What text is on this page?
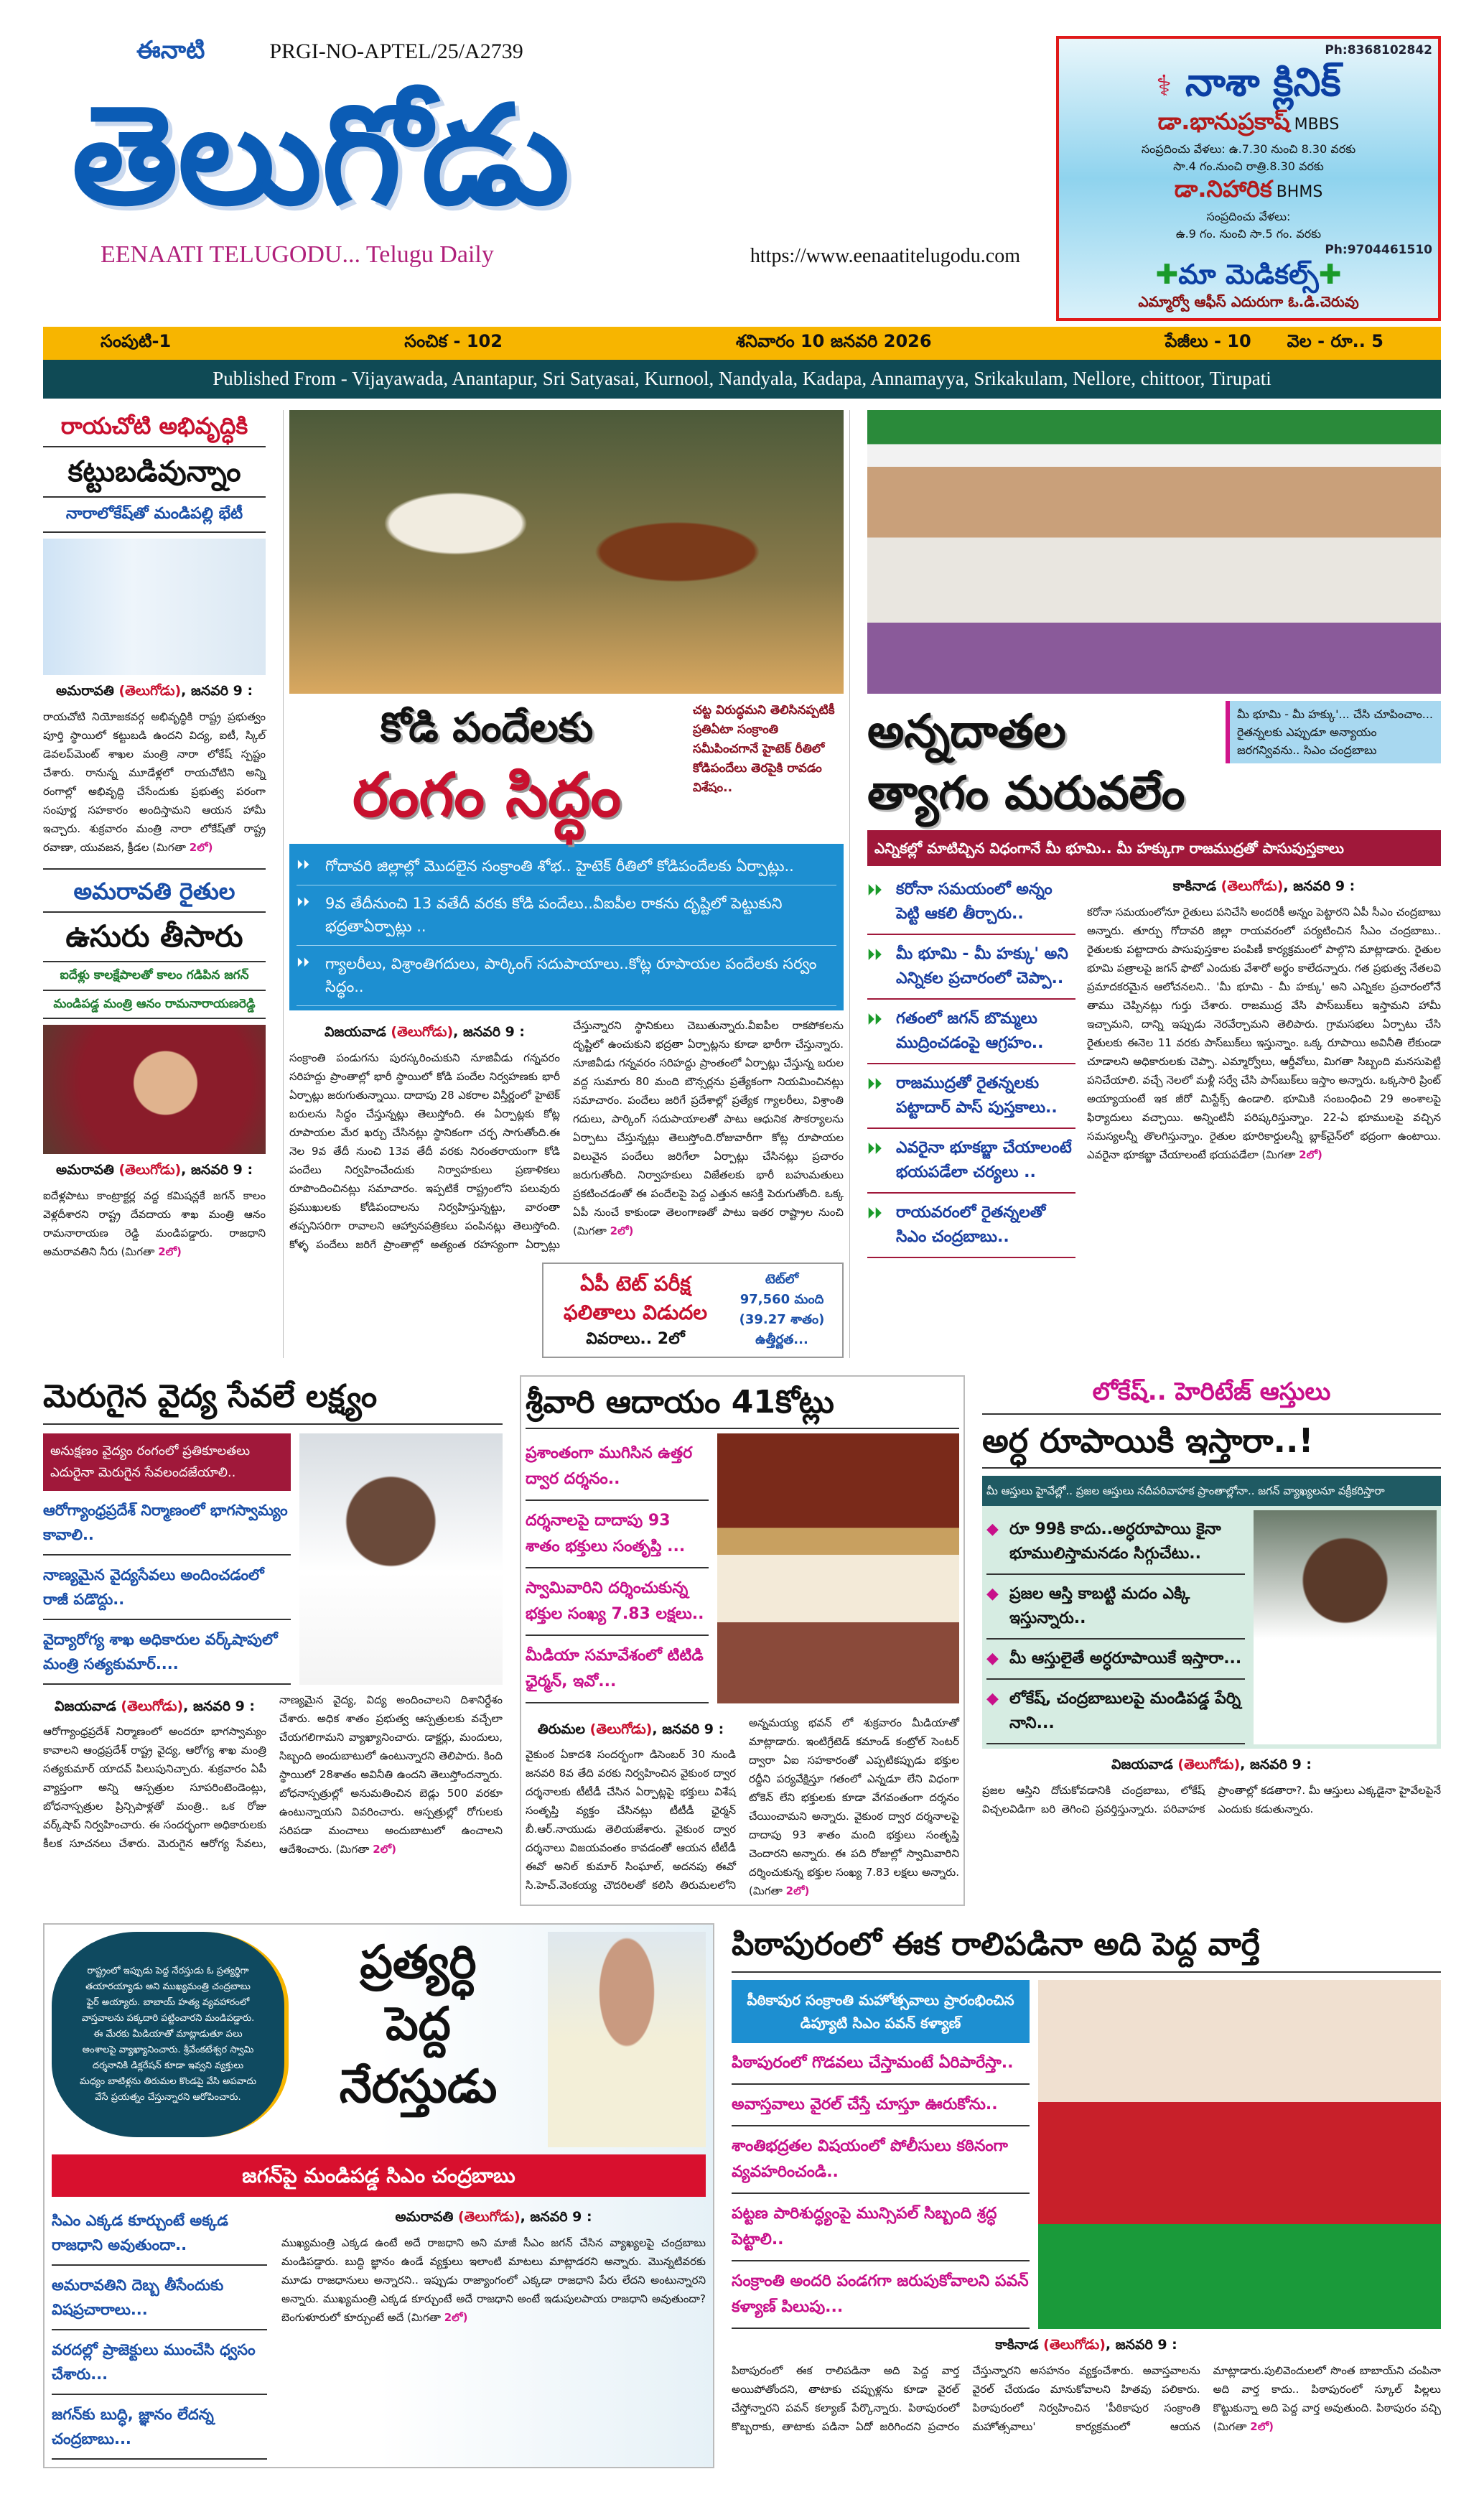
ఈనాటి	PRGI-NO-APTEL/25/A2739
తెలుగోడు
EENAATI TELUGODU... Telugu Daily	https://www.eenaatitelugodu.com
Ph:8368102842
⚕ నాశా క్లినిక్
డా.భానుప్రకాష్ MBBS
సంప్రదించు వేళలు: ఉ.7.30 నుంచి 8.30 వరకు
సా.4 గం.నుంచి రాత్రి.8.30 వరకు
డా.నిహారిక BHMS
సంప్రదించు వేళలు:
ఉ.9 గం. నుంచి సా.5 గం. వరకు
Ph:9704461510
✚మా మెడికల్స్✚
ఎమ్మార్వో ఆఫీస్ ఎదురుగా ఓ.డి.చెరువు
సంపుటి-1	సంచిక - 102	శనివారం 10 జనవరి 2026	పేజీలు - 10 వెల - రూ.. 5
Published From - Vijayawada, Anantapur, Sri Satyasai, Kurnool, Nandyala, Kadapa, Annamayya, Srikakulam, Nellore, chittoor, Tirupati
రాయచోటి అభివృద్ధికి
కట్టుబడివున్నాం
నారాలోకేష్‌తో మండిపల్లి భేటీ
అమరావతి (తెలుగోడు), జనవరి 9 :
రాయచోటి నియోజకవర్గ అభివృద్ధికి రాష్ట్ర ప్రభుత్వం పూర్తి స్థాయిలో కట్టుబడి ఉందని విద్య, ఐటీ, స్కిల్ డెవలప్‌మెంట్ శాఖల మంత్రి నారా లోకేష్ స్పష్టం చేశారు. రానున్న మూడేళ్లలో రాయచోటిని అన్ని రంగాల్లో అభివృద్ధి చేసేందుకు ప్రభుత్వ పరంగా సంపూర్ణ సహకారం అందిస్తామని ఆయన హామీ ఇచ్చారు. శుక్రవారం మంత్రి నారా లోకేష్‌తో రాష్ట్ర రవాణా, యువజన, క్రీడల (మిగతా 2లో)
అమరావతి రైతుల
ఉసురు తీసారు
ఐదేళ్లు కాలక్షేపాలతో కాలం గడిపిన జగన్
మండిపడ్డ మంత్రి ఆనం రామనారాయణరెడ్డి
అమరావతి (తెలుగోడు), జనవరి 9 :
ఐదేళ్లపాటు కాంట్రాక్టర్ల వద్ద కమిషన్లకే జగన్ కాలం వెళ్లదీశారని రాష్ట్ర దేవదాయ శాఖ మంత్రి ఆనం రామనారాయణ రెడ్డి మండిపడ్డారు. రాజధాని అమరావతిని నీరు (మిగతా 2లో)
కోడి పందేలకు
రంగం సిద్ధం
చట్ట విరుద్ధమని తెలిసినప్పటికీ ప్రతిఏటా సంక్రాంతి సమీపించగానే హైటెక్ రీతిలో కోడిపందేలు తెరపైకి రావడం విశేషం..
⏵⏵ గోదావరి జిల్లాల్లో మొదలైన సంక్రాంతి శోభ.. హైటెక్ రీతిలో కోడిపందేలకు ఏర్పాట్లు..
⏵⏵ 9వ తేదీనుంచి 13 వతేదీ వరకు కోడి పందేలు..వీఐపీల రాకను దృష్టిలో పెట్టుకుని భద్రతాఏర్పాట్లు ..
⏵⏵ గ్యాలరీలు, విశ్రాంతిగదులు, పార్కింగ్ సదుపాయాలు..కోట్ల రూపాయల పందేలకు సర్వం సిద్ధం..
విజయవాడ (తెలుగోడు), జనవరి 9 :
సంక్రాంతి పండుగను పురస్కరించుకుని నూజివీడు గన్నవరం సరిహద్దు ప్రాంతాల్లో భారీ స్థాయిలో కోడి పందేల నిర్వహణకు భారీ ఏర్పాట్లు జరుగుతున్నాయి. దాదాపు 28 ఎకరాల విస్తీర్ణంలో హైటెక్ బరులను సిద్ధం చేస్తున్నట్లు తెలుస్తోంది. ఈ ఏర్పాట్లకు కోట్ల రూపాయల మేర ఖర్చు చేసినట్లు స్థానికంగా చర్చ సాగుతోంది.ఈ నెల 9వ తేదీ నుంచి 13వ తేదీ వరకు నిరంతరాయంగా కోడి పందేలు నిర్వహించేందుకు నిర్వాహకులు ప్రణాళికలు రూపొందించినట్లు సమాచారం. ఇప్పటికే రాష్ట్రంలోని పలువురు ప్రముఖులకు కోడిపందాలను నిర్వహిస్తున్నట్టు, వారంతా తప్పనిసరిగా రావాలని ఆహ్వానపత్రికలు పంపినట్లు తెలుస్తోంది. కోళ్ళ పందేలు జరిగే ప్రాంతాల్లో అత్యంత రహస్యంగా ఏర్పాట్లు చేస్తున్నారని స్థానికులు చెబుతున్నారు.వీఐపీల రాకపోకలను దృష్టిలో ఉంచుకుని భద్రతా ఏర్పాట్లను కూడా భారీగా చేస్తున్నారు. నూజివీడు గన్నవరం సరిహద్దు ప్రాంతంలో ఏర్పాట్లు చేస్తున్న బరుల వద్ద సుమారు 80 మంది బౌన్సర్లను ప్రత్యేకంగా నియమించినట్లు సమాచారం. పందేలు జరిగే ప్రదేశాల్లో ప్రత్యేక గ్యాలరీలు, విశ్రాంతి గదులు, పార్కింగ్ సదుపాయాలతో పాటు ఆధునిక సౌకర్యాలను ఏర్పాటు చేస్తున్నట్లు తెలుస్తోంది.రోజువారీగా కోట్ల రూపాయల విలువైన పందేలు జరిగేలా ఏర్పాట్లు చేసినట్లు ప్రచారం జరుగుతోంది. నిర్వాహకులు విజేతలకు భారీ బహుమతులు ప్రకటించడంతో ఈ పందేలపై పెద్ద ఎత్తున ఆసక్తి పెరుగుతోంది. ఒక్క ఏపీ నుంచే కాకుండా తెలంగాణతో పాటు ఇతర రాష్ట్రాల నుంచి (మిగతా 2లో)
ఏపీ టెట్ పరీక్ష ఫలితాలు విడుదల
వివరాలు.. 2లో
టెట్‌లో
97,560 మంది
(39.27 శాతం)
ఉత్తీర్ణత...
అన్నదాతల
త్యాగం మరువలేం
మీ భూమి - మీ హక్కు'... చేసి చూపించాం... రైతన్నలకు ఎప్పుడూ అన్యాయం జరగన్వివను.. సిఎం చంద్రబాబు
ఎన్నికల్లో మాటిచ్చిన విధంగానే మీ భూమి.. మీ హక్కుగా రాజముద్రతో పాసుపుస్తకాలు
⏵⏵ కరోనా సమయంలో అన్నం పెట్టి ఆకలి తీర్చారు..
⏵⏵ మీ భూమి - మీ హక్కు' అని ఎన్నికల ప్రచారంలో చెప్పా..
⏵⏵ గతంలో జగన్ బొమ్మలు ముద్రించడంపై ఆగ్రహం..
⏵⏵ రాజముద్రతో రైతన్నలకు పట్టాదార్ పాస్ పుస్తకాలు..
⏵⏵ ఎవరైనా భూకబ్జా చేయాలంటే భయపడేలా చర్యలు ..
⏵⏵ రాయవరంలో రైతన్నలతో సిఎం చంద్రబాబు..
కాకినాడ (తెలుగోడు), జనవరి 9 :
కరోనా సమయంలోనూ రైతులు పనిచేసి అందరికీ అన్నం పెట్టారని ఏపీ సీఎం చంద్రబాబు అన్నారు. తూర్పు గోదావరి జిల్లా రాయవరంలో పర్యటించిన సీఎం చంద్రబాబు.. రైతులకు పట్టాదారు పాసుపుస్తకాల పంపిణీ కార్యక్రమంలో పాల్గొని మాట్లాడారు. రైతుల భూమి పత్రాలపై జగన్ ఫొటో ఎందుకు వేశారో అర్థం కాలేదన్నారు. గత ప్రభుత్వ నేతలవి ప్రమాదకరమైన ఆలోచనలని.. 'మీ భూమి - మీ హక్కు' అని ఎన్నికల ప్రచారంలోనే తాము చెప్పినట్లు గుర్తు చేశారు. రాజముద్ర వేసి పాస్‌బుక్‌లు ఇస్తామని హామీ ఇచ్చామని, దాన్ని ఇప్పుడు నెరవేర్చామని తెలిపారు. గ్రామసభలు ఏర్పాటు చేసి రైతులకు ఈనెల 11 వరకు పాస్‌బుక్‌లు ఇస్తున్నాం. ఒక్క రూపాయి అవినీతి లేకుండా చూడాలని అధికారులకు చెప్పా. ఎమ్మార్వోలు, ఆర్డీవోలు, మిగతా సిబ్బంది మనసుపెట్టి పనిచేయాలి. వచ్చే నెలలో మళ్లీ సర్వే చేసి పాస్‌బుక్‌లు ఇస్తాం అన్నారు. ఒక్కసారి ప్రింట్ అయ్యాయంటే ఇక జీరో మిస్టేక్స్ ఉండాలి. భూమికి సంబంధించి 29 అంశాలపై ఫిర్యాదులు వచ్చాయి. అన్నింటినీ పరిష్కరిస్తున్నాం. 22-ఏ భూములపై వచ్చిన సమస్యలన్నీ తొలగిస్తున్నాం. రైతుల భూరికార్డులన్నీ బ్లాక్‌చైన్‌లో భద్రంగా ఉంటాయి. ఎవరైనా భూకబ్జా చేయాలంటే భయపడేలా (మిగతా 2లో)
మెరుగైన వైద్య సేవలే లక్ష్యం
అనుక్షణం వైద్యం రంగంలో ప్రతికూలతలు ఎదురైనా మెరుగైన సేవలందజేయాలి..
ఆరోగ్యాంధ్రప్రదేశ్ నిర్మాణంలో భాగస్వామ్యం కావాలి..
నాణ్యమైన వైద్యసేవలు అందించడంలో రాజీ పడొద్దు..
వైద్యారోగ్య శాఖ అధికారుల వర్క్‌షాపులో మంత్రి సత్యకుమార్....
విజయవాడ (తెలుగోడు), జనవరి 9 :
ఆరోగ్యాంధ్రప్రదేశ్ నిర్మాణంలో అందరూ భాగస్వామ్యం కావాలని ఆంధ్రప్రదేశ్ రాష్ట్ర వైద్య, ఆరోగ్య శాఖ మంత్రి సత్యకుమార్ యాదవ్ పిలుపునిచ్చారు. శుక్రవారం ఏపీ వ్యాప్తంగా అన్ని ఆస్పత్రుల సూపరింటెండెంట్లు, బోధనాస్పత్రుల ప్రిన్సిపాళ్లతో మంత్రి.. ఒక రోజు వర్క్‌షాప్ నిర్వహించారు. ఈ సందర్భంగా అధికారులకు కీలక సూచనలు చేశారు. మెరుగైన ఆరోగ్య సేవలు, నాణ్యమైన వైద్య, విద్య అందించాలని దిశానిర్దేశం చేశారు. అధిక శాతం ప్రభుత్వ ఆస్పత్రులకు వచ్చేలా చేయగలిగామని వ్యాఖ్యానించారు. డాక్టర్లు, మందులు, సిబ్బంది అందుబాటులో ఉంటున్నారని తెలిపారు. కింది స్థాయిలో 28శాతం అవినీతి ఉందని తెలుస్తోందన్నారు. బోధనాస్పత్రుల్లో అనుమతించిన బెడ్లు 500 వరకూ ఉంటున్నాయని వివరించారు. ఆస్పత్రుల్లో రోగులకు సరిపడా మంచాలు అందుబాటులో ఉంచాలని ఆదేశించారు. (మిగతా 2లో)
శ్రీవారి ఆదాయం 41కోట్లు
ప్రశాంతంగా ముగిసిన ఉత్తర ద్వార దర్శనం..
దర్శనాలపై దాదాపు 93 శాతం భక్తులు సంతృప్తి ...
స్వామివారిని దర్శించుకున్న భక్తుల సంఖ్య 7.83 లక్షలు..
మీడియా సమావేశంలో టిటిడి ఛైర్మన్, ఇవో...
తిరుమల (తెలుగోడు), జనవరి 9 :
వైకుంఠ ఏకాదశి సందర్భంగా డిసెంబర్ 30 నుండి జనవరి 8వ తేది వరకు నిర్వహించిన వైకుంఠ ద్వార దర్శనాలకు టీటీడీ చేసిన ఏర్పాట్లపై భక్తులు విశేష సంతృప్తి వ్యక్తం చేసినట్లు టీటీడీ ఛైర్మన్ బీ.ఆర్.నాయుడు తెలియజేశారు. వైకుంఠ ద్వార దర్శనాలు విజయవంతం కావడంతో ఆయన టీటీడీ ఈవో అనిల్ కుమార్ సింఘాల్, అదనపు ఈవో సి.హెచ్.వెంకయ్య చౌదరిలతో కలిసి తిరుమలలోని అన్నమయ్య భవన్ లో శుక్రవారం మీడియాతో మాట్లాడారు. ఇంటిగ్రేటెడ్ కమాండ్ కంట్రోల్ సెంటర్ ద్వారా ఏఐ సహకారంతో ఎప్పటికప్పుడు భక్తుల రద్దీని పర్యవేక్షిస్తూ గతంలో ఎన్నడూ లేని విధంగా టోకెన్ లేని భక్తులకు కూడా వేగవంతంగా దర్శనం చేయించామని అన్నారు. వైకుంఠ ద్వార దర్శనాలపై దాదాపు 93 శాతం మంది భక్తులు సంతృప్తి చెందారని అన్నారు. ఈ పది రోజుల్లో స్వామివారిని దర్శించుకున్న భక్తుల సంఖ్య 7.83 లక్షలు అన్నారు. (మిగతా 2లో)
లోకేష్.. హెరిటేజ్ ఆస్తులు
అర్ధ రూపాయికి ఇస్తారా..!
మీ ఆస్తులు హైవేల్లో.. ప్రజల ఆస్తులు నదీపరివాహక ప్రాంతాల్లోనా.. జగన్ వ్యాఖ్యలనూ వక్రీకరిస్తారా
◆ రూ 99కి కాదు..అర్ధరూపాయి కైనా భూములిస్తామనడం సిగ్గుచేటు..
◆ ప్రజల ఆస్తి కాబట్టి మదం ఎక్కి ఇస్తున్నారు..
◆ మీ ఆస్తులైతే అర్ధరూపాయికే ఇస్తారా...
◆ లోకేష్, చంద్రబాబులపై మండిపడ్డ పేర్ని నాని...
విజయవాడ (తెలుగోడు), జనవరి 9 :
ప్రజల ఆస్తిని దోచుకోవడానికి చంద్రబాబు, లోకేష్ విచ్చలవిడిగా బరి తెగించి ప్రవర్తిస్తున్నారు. పరివాహక ప్రాంతాల్లో కడతారా?. మీ ఆస్తులు ఎక్కడైనా హైవేలపైనే ఎందుకు కడుతున్నారు.
రాష్ట్రంలో ఇప్పుడు పెద్ద నేరస్తుడు ఓ ప్రత్యర్థిగా తయారయ్యాడు అని ముఖ్యమంత్రి చంద్రబాబు ఫైర్ అయ్యారు. బాబాయ్ హత్య వ్యవహారంలో వాస్తవాలను పక్కదారి పట్టించారని మండిపడ్డారు. ఈ మేరకు మీడియాతో మాట్లాడుతూ పలు అంశాలపై వ్యాఖ్యానించారు. శ్రీవేంకటేశ్వర స్వామి దర్శనానికి డిక్లరేషన్ కూడా ఇవ్వని వ్యక్తులు మధ్యం బాటిళ్లను తిరుమల కొండపై వేసి అపవాదు వేసే ప్రయత్నం చేస్తున్నారని ఆరోపించారు.
ప్రత్యర్ధి
పెద్ద నేరస్తుడు
జగన్‌పై మండిపడ్డ సిఎం చంద్రబాబు
సిఎం ఎక్కడ కూర్చుంటే అక్కడ రాజధాని అవుతుందా..
అమరావతిని దెబ్బ తీసేందుకు విషప్రచారాలు...
వరదల్లో ప్రాజెక్టులు ముంచేసి ధ్వసం చేశారు...
జగన్‌కు బుద్ధి, జ్ఞానం లేదన్న చంద్రబాబు...
అమరావతి (తెలుగోడు), జనవరి 9 :
ముఖ్యమంత్రి ఎక్కడ ఉంటే అదే రాజధాని అని మాజీ సీఎం జగన్ చేసిన వ్యాఖ్యలపై చంద్రబాబు మండిపడ్డారు. బుద్ధి జ్ఞానం ఉండే వ్యక్తులు ఇలాంటి మాటలు మాట్లాడరని అన్నారు. మొన్నటివరకు మూడు రాజధానులు అన్నారని.. ఇప్పుడు రాజ్యాంగంలో ఎక్కడా రాజధాని పేరు లేదని అంటున్నారని అన్నారు. ముఖ్యమంత్రి ఎక్కడ కూర్చుంటే అదే రాజధాని అంటే ఇడుపులపాయ రాజధాని అవుతుందా? బెంగుళూరులో కూర్చుంటే అదే (మిగతా 2లో)
పిఠాపురంలో ఈక రాలిపడినా అది పెద్ద వార్తే
పీఠికాపుర సంక్రాంతి మహోత్సవాలు ప్రారంభించిన డిప్యూటి సిఎం పవన్ కళ్యాణ్
పిఠాపురంలో గొడవలు చేస్తామంటే ఏరిపారేస్తా..
అవాస్తవాలు వైరల్ చేస్తే చూస్తూ ఊరుకోను..
శాంతిభద్రతల విషయంలో పోలీసులు కఠినంగా వ్యవహరించండి..
పట్టణ పారిశుద్ధ్యంపై మున్సిపల్ సిబ్బంది శ్రద్ధ పెట్టాలి..
సంక్రాంతి అందరి పండగగా జరుపుకోవాలని పవన్ కళ్యాణ్ పిలుపు...
కాకినాడ (తెలుగోడు), జనవరి 9 :
పిఠాపురంలో ఈక రాలిపడినా అది పెద్ద వార్త అయిపోతోందని, తాటాకు చప్పుళ్లను కూడా వైరల్ చేస్తోన్నారని పవన్ కల్యాణ్ పేర్కొన్నారు. పిఠాపురంలో కొబ్బరాకు, తాటాకు పడినా ఏదో జరిగిందని ప్రచారం చేస్తున్నారని అసహనం వ్యక్తంచేశారు. అవాస్తవాలను వైరల్ చేయడం మానుకోవాలని హితవు పలికారు. పిఠాపురంలో నిర్వహించిన 'పీఠికాపుర సంక్రాంతి మహోత్సవాలు' కార్యక్రమంలో ఆయన మాట్లాడారు.పులివెందులలో సొంత బాబాయ్‌ని చంపినా అది వార్త కాదు.. పిఠాపురంలో స్కూల్ పిల్లలు కొట్టుకున్నా అది పెద్ద వార్త అవుతుంది. పిఠాపురం వచ్చి (మిగతా 2లో)
